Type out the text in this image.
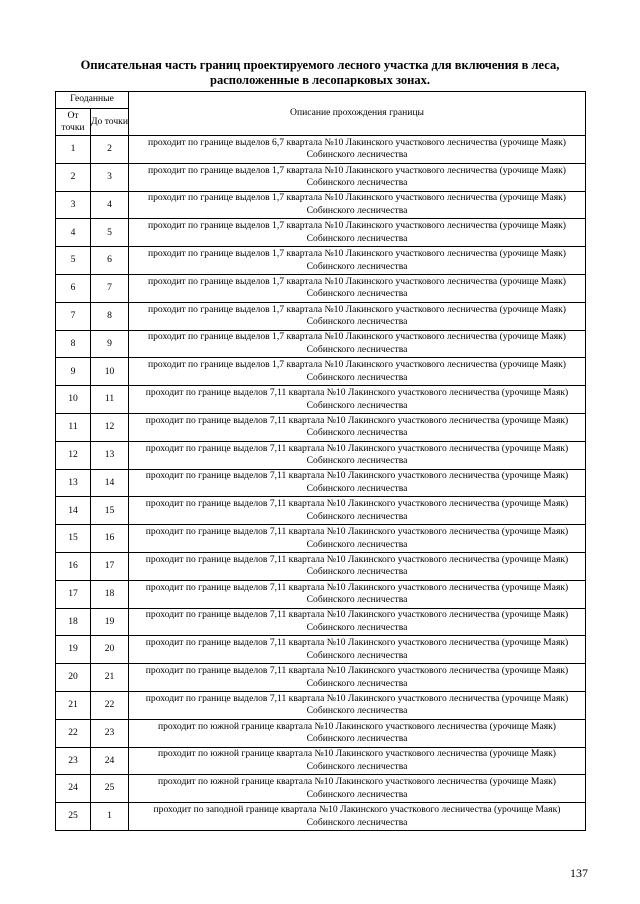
Описательная часть границ проектируемого лесного участка для включения в леса,
расположенные в лесопарковых зонах.
Геоданные		Описание прохождения границы
От точки	До точки	
1	2	проходит по границе выделов 6,7 квартала №10 Лакинского участкового лесничества (урочище Маяк) Собинского лесничества
2	3	проходит по границе выделов 1,7 квартала №10 Лакинского участкового лесничества (урочище Маяк) Собинского лесничества
3	4	проходит по границе выделов 1,7 квартала №10 Лакинского участкового лесничества (урочище Маяк) Собинского лесничества
4	5	проходит по границе выделов 1,7 квартала №10 Лакинского участкового лесничества (урочище Маяк) Собинского лесничества
5	6	проходит по границе выделов 1,7 квартала №10 Лакинского участкового лесничества (урочище Маяк) Собинского лесничества
6	7	проходит по границе выделов 1,7 квартала №10 Лакинского участкового лесничества (урочище Маяк) Собинского лесничества
7	8	проходит по границе выделов 1,7 квартала №10 Лакинского участкового лесничества (урочище Маяк) Собинского лесничества
8	9	проходит по границе выделов 1,7 квартала №10 Лакинского участкового лесничества (урочище Маяк) Собинского лесничества
9	10	проходит по границе выделов 1,7 квартала №10 Лакинского участкового лесничества (урочище Маяк) Собинского лесничества
10	11	проходит по границе выделов 7,11 квартала №10 Лакинского участкового лесничества (урочище Маяк) Собинского лесничества
11	12	проходит по границе выделов 7,11 квартала №10 Лакинского участкового лесничества (урочище Маяк) Собинского лесничества
12	13	проходит по границе выделов 7,11 квартала №10 Лакинского участкового лесничества (урочище Маяк) Собинского лесничества
13	14	проходит по границе выделов 7,11 квартала №10 Лакинского участкового лесничества (урочище Маяк) Собинского лесничества
14	15	проходит по границе выделов 7,11 квартала №10 Лакинского участкового лесничества (урочище Маяк) Собинского лесничества
15	16	проходит по границе выделов 7,11 квартала №10 Лакинского участкового лесничества (урочище Маяк) Собинского лесничества
16	17	проходит по границе выделов 7,11 квартала №10 Лакинского участкового лесничества (урочище Маяк) Собинского лесничества
17	18	проходит по границе выделов 7,11 квартала №10 Лакинского участкового лесничества (урочище Маяк) Собинского лесничества
18	19	проходит по границе выделов 7,11 квартала №10 Лакинского участкового лесничества (урочище Маяк) Собинского лесничества
19	20	проходит по границе выделов 7,11 квартала №10 Лакинского участкового лесничества (урочище Маяк) Собинского лесничества
20	21	проходит по границе выделов 7,11 квартала №10 Лакинского участкового лесничества (урочище Маяк) Собинского лесничества
21	22	проходит по границе выделов 7,11 квартала №10 Лакинского участкового лесничества (урочище Маяк) Собинского лесничества
22	23	проходит по южной границе квартала №10 Лакинского участкового лесничества (урочище Маяк) Собинского лесничества
23	24	проходит по южной границе квартала №10 Лакинского участкового лесничества (урочище Маяк) Собинского лесничества
24	25	проходит по южной границе квартала №10 Лакинского участкового лесничества (урочище Маяк) Собинского лесничества
25	1	проходит по заподной границе квартала №10 Лакинского участкового лесничества (урочище Маяк) Собинского лесничества
137
